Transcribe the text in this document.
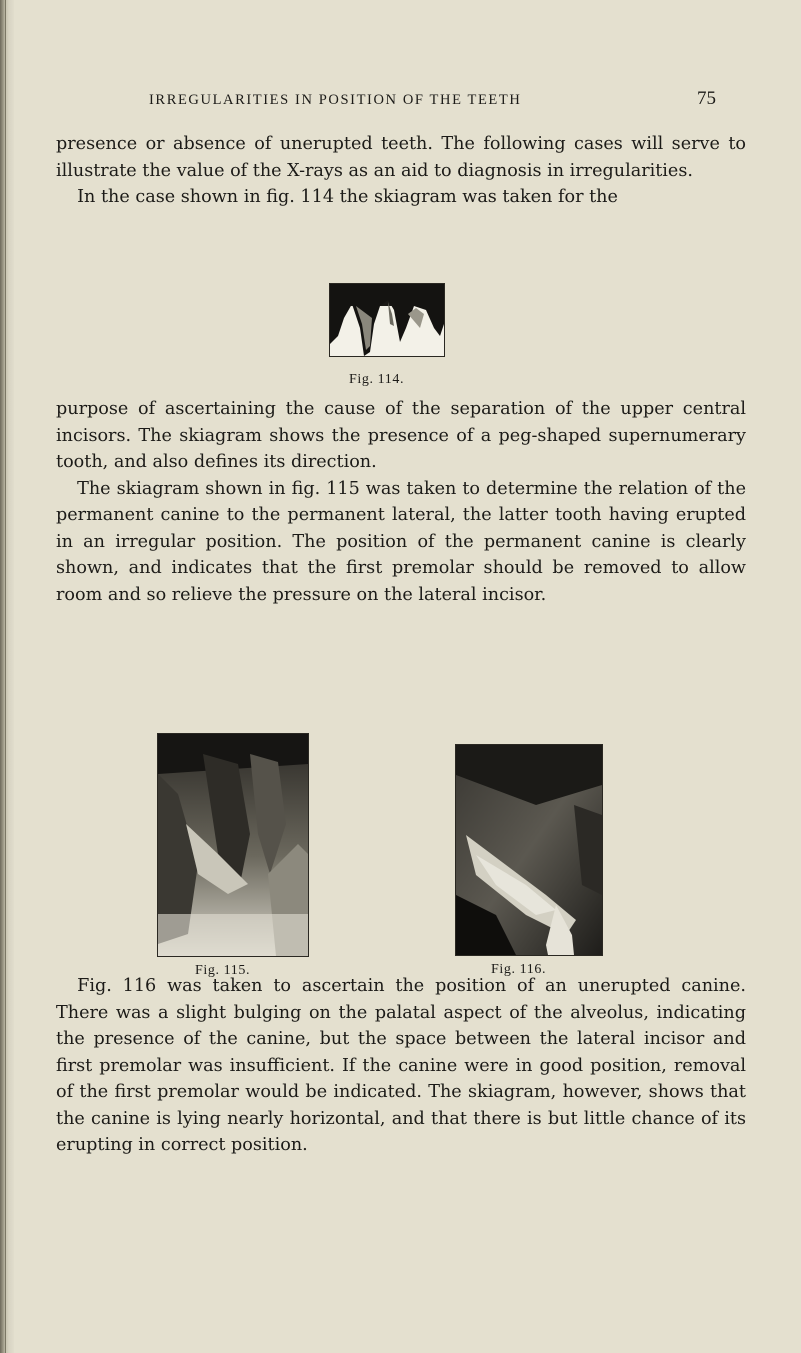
IRREGULARITIES IN POSITION OF THE TEETH	75

presence or absence of unerupted teeth. The following cases will serve to illustrate the value of the X-rays as an aid to diagnosis in irregularities.

In the case shown in fig. 114 the skiagram was taken for the

Fig. 114.

purpose of ascertaining the cause of the separation of the upper central incisors. The skiagram shows the presence of a peg-shaped supernumerary tooth, and also defines its direction.

The skiagram shown in fig. 115 was taken to determine the relation of the permanent canine to the permanent lateral, the latter tooth having erupted in an irregular position. The position of the permanent canine is clearly shown, and indicates that the first premolar should be removed to allow room and so relieve the pressure on the lateral incisor.

Fig. 115.	Fig. 116.

Fig. 116 was taken to ascertain the position of an unerupted canine. There was a slight bulging on the palatal aspect of the alveolus, indicating the presence of the canine, but the space between the lateral incisor and first premolar was insufficient. If the canine were in good position, removal of the first premolar would be indicated. The skiagram, however, shows that the canine is lying nearly horizontal, and that there is but little chance of its erupting in correct position.
